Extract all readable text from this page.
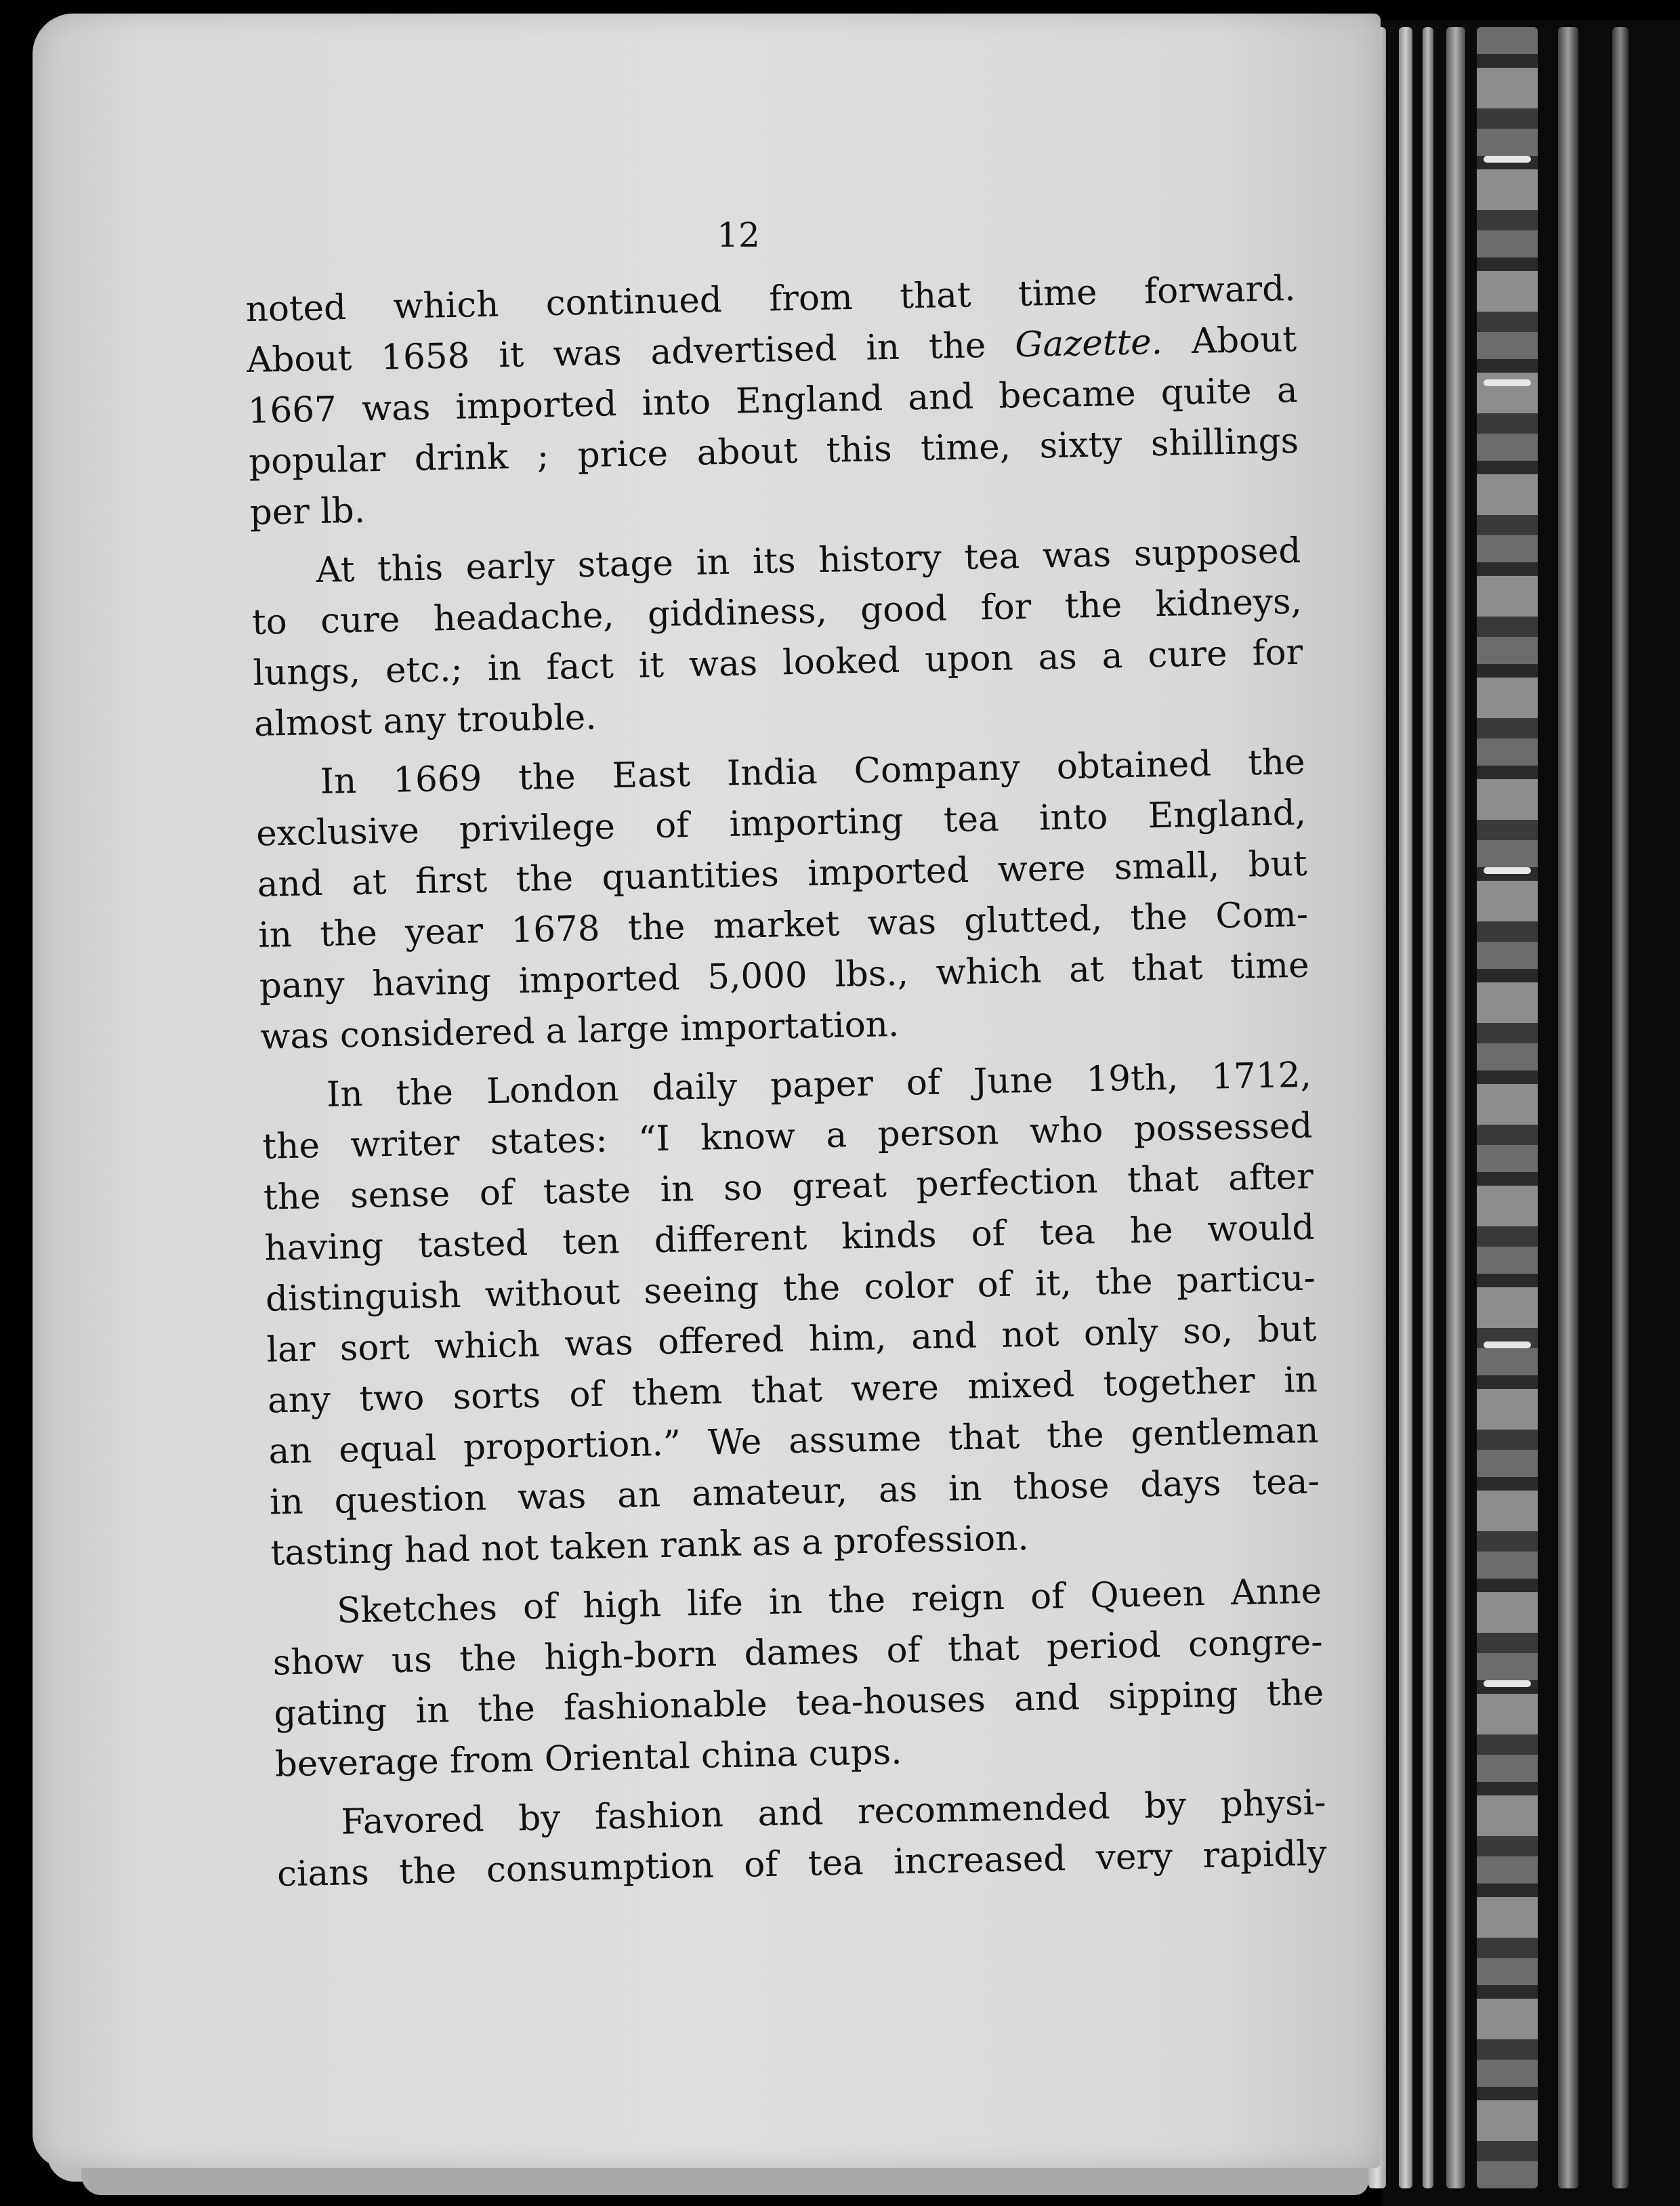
12
noted which continued from that time forward.
About 1658 it was advertised in the Gazette. About
1667 was imported into England and became quite a
popular drink ; price about this time, sixty shillings
per lb.
At this early stage in its history tea was supposed
to cure headache, giddiness, good for the kidneys,
lungs, etc.; in fact it was looked upon as a cure for
almost any trouble.
In 1669 the East India Company obtained the
exclusive privilege of importing tea into England,
and at first the quantities imported were small, but
in the year 1678 the market was glutted, the Com-
pany having imported 5,000 lbs., which at that time
was considered a large importation.
In the London daily paper of June 19th, 1712,
the writer states: “I know a person who possessed
the sense of taste in so great perfection that after
having tasted ten different kinds of tea he would
distinguish without seeing the color of it, the particu-
lar sort which was offered him, and not only so, but
any two sorts of them that were mixed together in
an equal proportion.” We assume that the gentleman
in question was an amateur, as in those days tea-
tasting had not taken rank as a profession.
Sketches of high life in the reign of Queen Anne
show us the high-born dames of that period congre-
gating in the fashionable tea-houses and sipping the
beverage from Oriental china cups.
Favored by fashion and recommended by physi-
cians the consumption of tea increased very rapidly
